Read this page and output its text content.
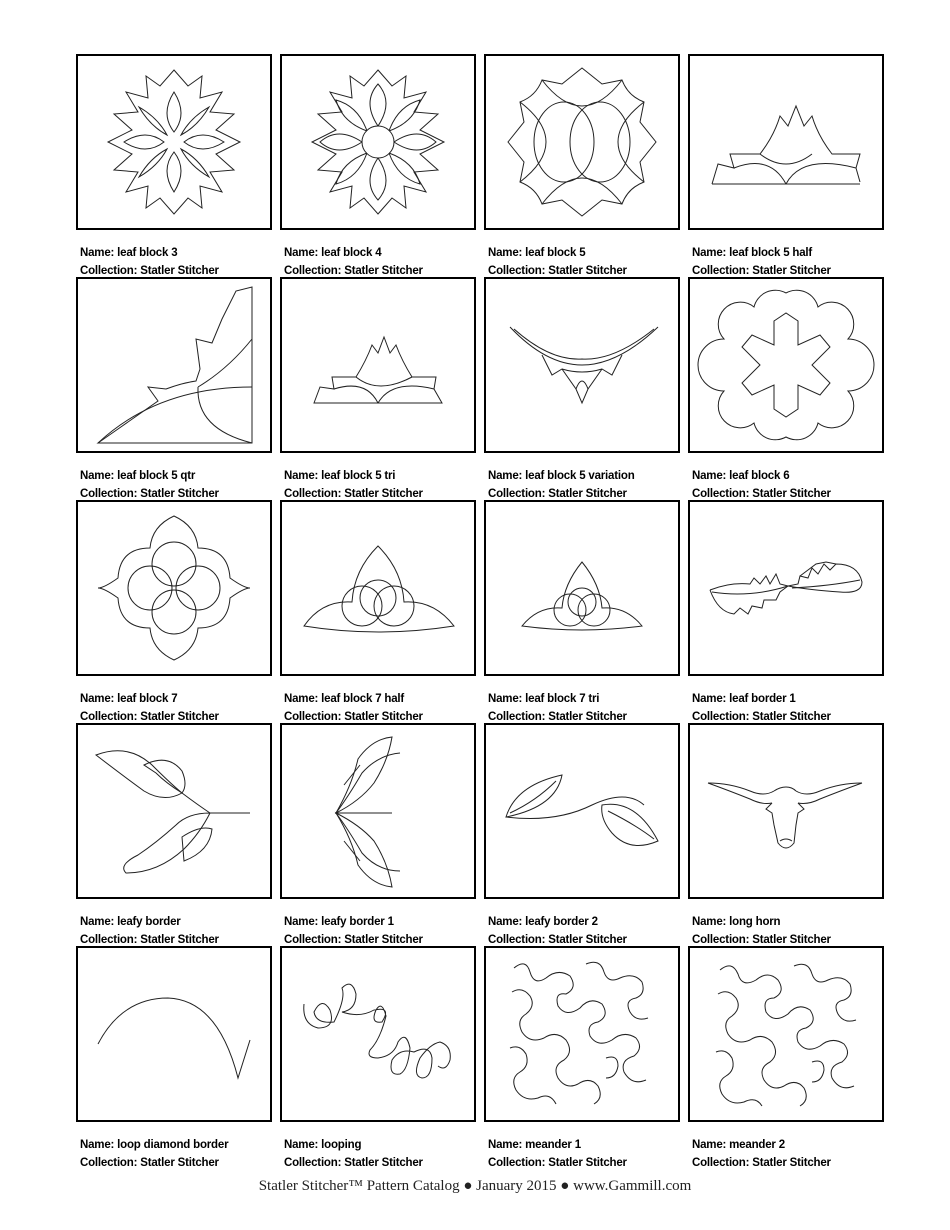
Name: leaf block 3
Collection: Statler Stitcher
Name: leaf block 4
Collection: Statler Stitcher
Name: leaf block 5
Collection: Statler Stitcher
Name: leaf block 5 half
Collection: Statler Stitcher
Name: leaf block 5 qtr
Collection: Statler Stitcher
Name: leaf block 5 tri
Collection: Statler Stitcher
Name: leaf block 5 variation
Collection: Statler Stitcher
Name: leaf block 6
Collection: Statler Stitcher
Name: leaf block 7
Collection: Statler Stitcher
Name: leaf block 7 half
Collection: Statler Stitcher
Name: leaf block 7 tri
Collection: Statler Stitcher
Name: leaf border 1
Collection: Statler Stitcher
Name: leafy border
Collection: Statler Stitcher
Name: leafy border 1
Collection: Statler Stitcher
Name: leafy border 2
Collection: Statler Stitcher
Name: long horn
Collection: Statler Stitcher
Name: loop diamond border
Collection: Statler Stitcher
Name: looping
Collection: Statler Stitcher
Name: meander 1
Collection: Statler Stitcher
Name: meander 2
Collection: Statler Stitcher
Statler Stitcher™ Pattern Catalog ● January 2015 ● www.Gammill.com
